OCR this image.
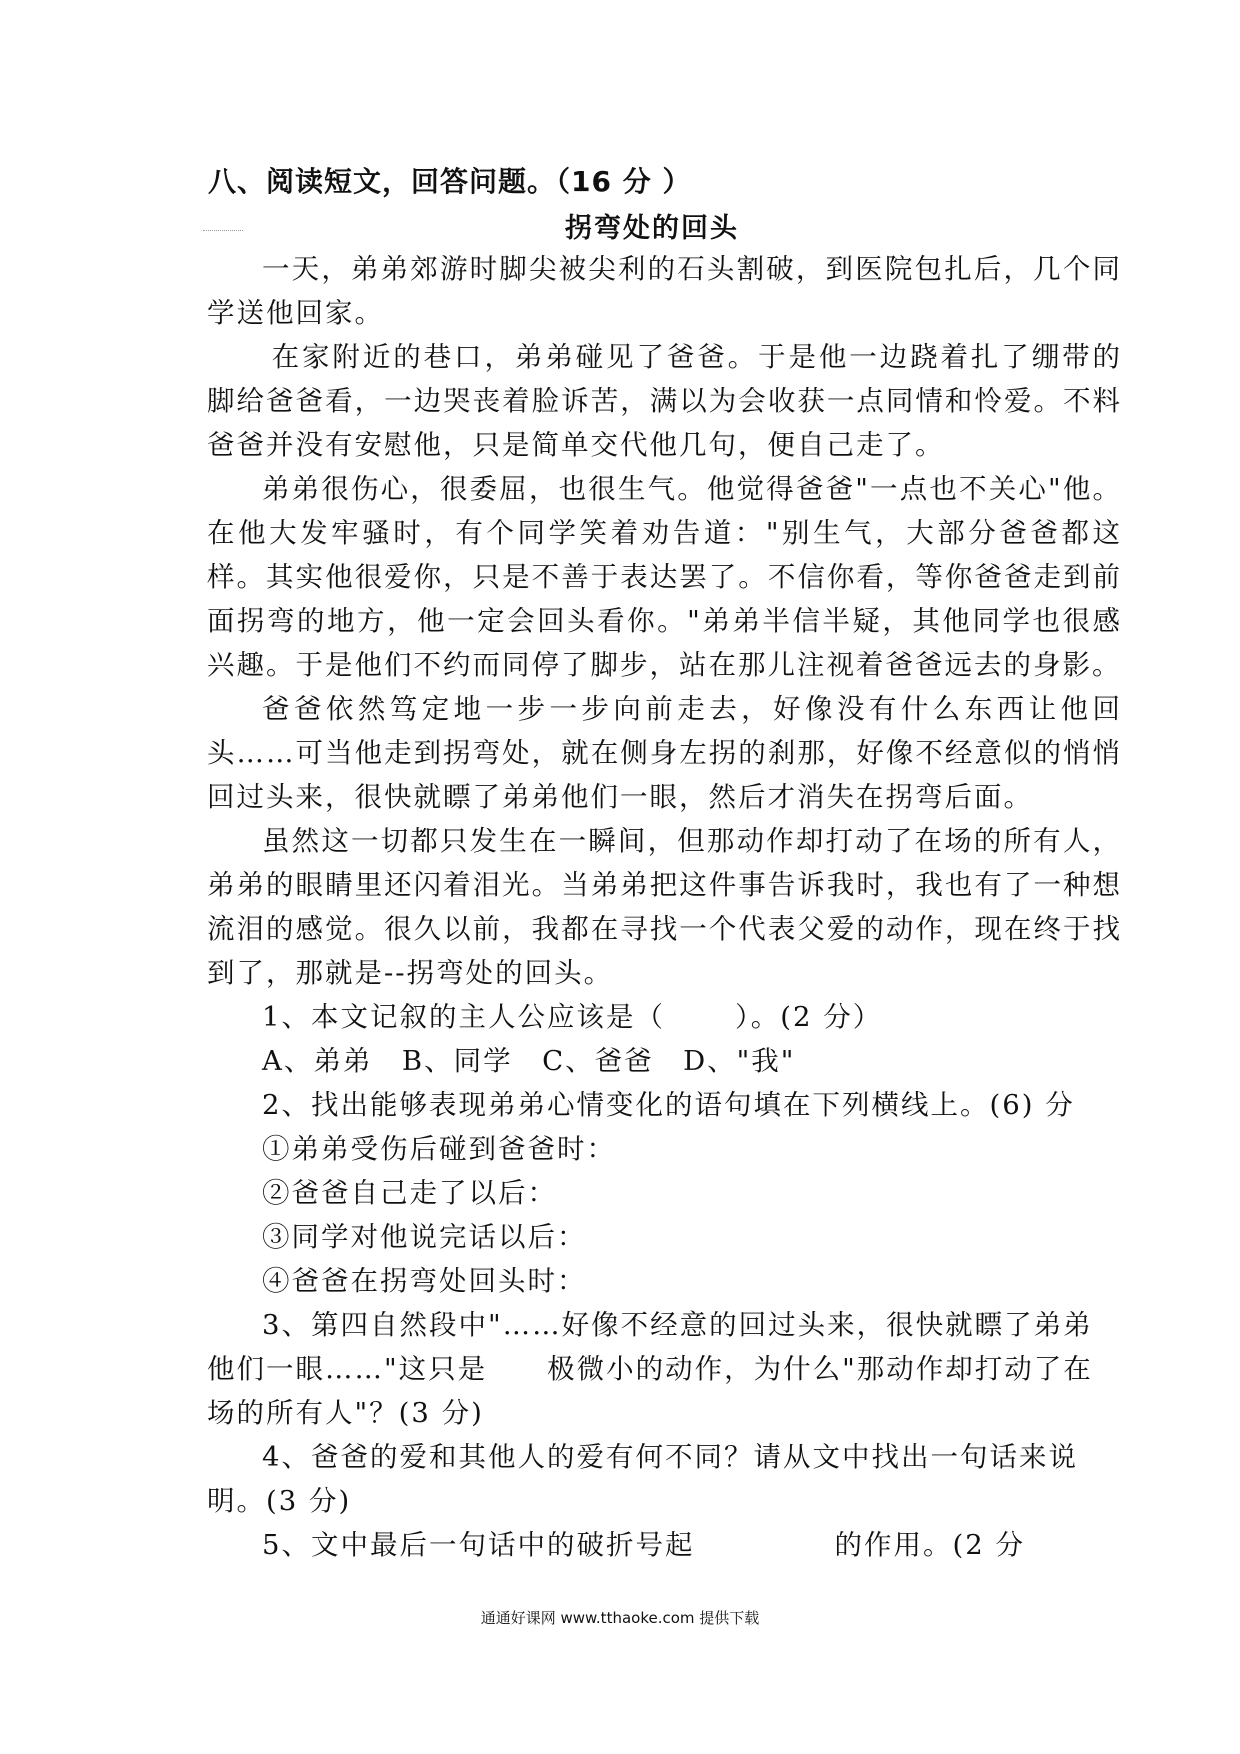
八、阅读短文，回答问题。（16 分 ）
拐弯处的回头

一天，弟弟郊游时脚尖被尖利的石头割破，到医院包扎后，几个同学送他回家。

在家附近的巷口，弟弟碰见了爸爸。于是他一边跷着扎了绷带的脚给爸爸看，一边哭丧着脸诉苦，满以为会收获一点同情和怜爱。不料爸爸并没有安慰他，只是简单交代他几句，便自己走了。

弟弟很伤心，很委屈，也很生气。他觉得爸爸"一点也不关心"他。在他大发牢骚时，有个同学笑着劝告道："别生气，大部分爸爸都这样。其实他很爱你，只是不善于表达罢了。不信你看，等你爸爸走到前面拐弯的地方，他一定会回头看你。"弟弟半信半疑，其他同学也很感兴趣。于是他们不约而同停了脚步，站在那儿注视着爸爸远去的身影。

爸爸依然笃定地一步一步向前走去，好像没有什么东西让他回头……可当他走到拐弯处，就在侧身左拐的刹那，好像不经意似的悄悄回过头来，很快就瞟了弟弟他们一眼，然后才消失在拐弯后面。

虽然这一切都只发生在一瞬间，但那动作却打动了在场的所有人，弟弟的眼睛里还闪着泪光。当弟弟把这件事告诉我时，我也有了一种想流泪的感觉。很久以前，我都在寻找一个代表父爱的动作，现在终于找到了，那就是--拐弯处的回头。

1、本文记叙的主人公应该是（	）。(2 分）

A、弟弟　B、同学　C、爸爸　D、"我"

2、找出能够表现弟弟心情变化的语句填在下列横线上。(6) 分

①弟弟受伤后碰到爸爸时：

②爸爸自己走了以后：

③同学对他说完话以后：

④爸爸在拐弯处回头时：

3、第四自然段中"……好像不经意的回过头来，很快就瞟了弟弟他们一眼……"这只是 极微小的动作，为什么"那动作却打动了在场的所有人"？(3 分)

4、爸爸的爱和其他人的爱有何不同？请从文中找出一句话来说明。(3 分)

5、文中最后一句话中的破折号起	的作用。(2 分

通通好课网 www.tthaoke.com 提供下载
